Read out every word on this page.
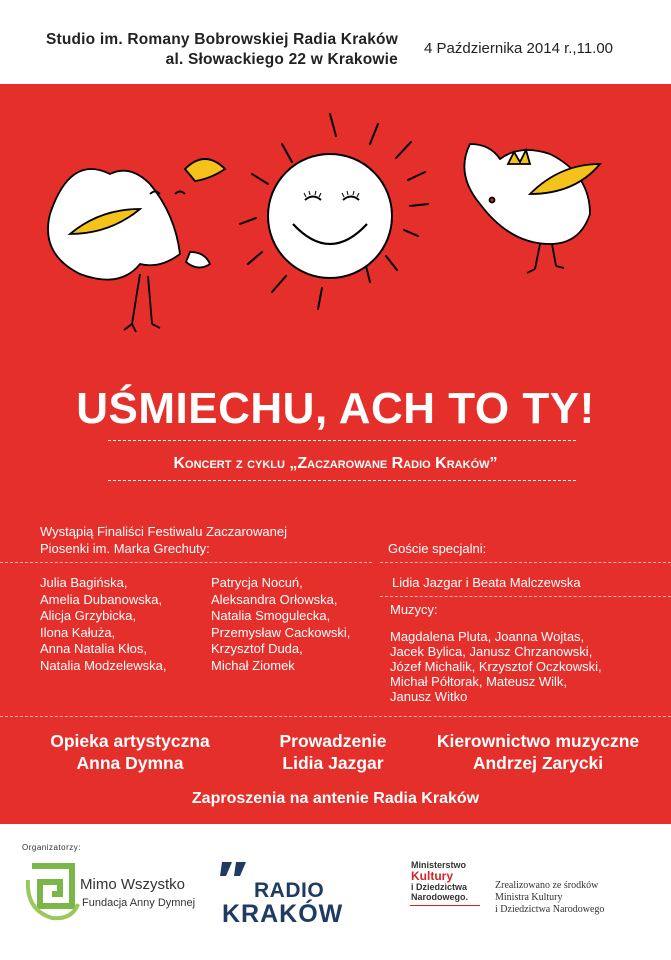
Studio im. Romany Bobrowskiej Radia Kraków
al. Słowackiego 22 w Krakowie
4 Października 2014 r.,11.00
UŚMIECHU, ACH TO TY!
Koncert z cyklu „Zaczarowane Radio Kraków”
Wystąpią Finaliści Festiwalu Zaczarowanej
Piosenki im. Marka Grechuty:
Julia Bagińska,
Amelia Dubanowska,
Alicja Grzybicka,
Ilona Kałuża,
Anna Natalia Kłos,
Natalia Modzelewska,
Patrycja Nocuń,
Aleksandra Orłowska,
Natalia Smogulecka,
Przemysław Cackowski,
Krzysztof Duda,
Michał Ziomek
Goście specjalni:
Lidia Jazgar i Beata Malczewska
Muzycy:
Magdalena Pluta, Joanna Wojtas,
Jacek Bylica, Janusz Chrzanowski,
Józef Michalik, Krzysztof Oczkowski,
Michał Półtorak, Mateusz Wilk,
Janusz Witko
Opieka artystyczna
Anna Dymna
Prowadzenie
Lidia Jazgar
Kierownictwo muzyczne
Andrzej Zarycki
Zaproszenia na antenie Radia Kraków
Organizatorzy:
Mimo Wszystko
Fundacja Anny Dymnej
RADIO
KRAKÓW
Ministerstwo
Kultury
i Dziedzictwa
Narodowego.
Zrealizowano ze środków
Ministra Kultury
i Dziedzictwa Narodowego
